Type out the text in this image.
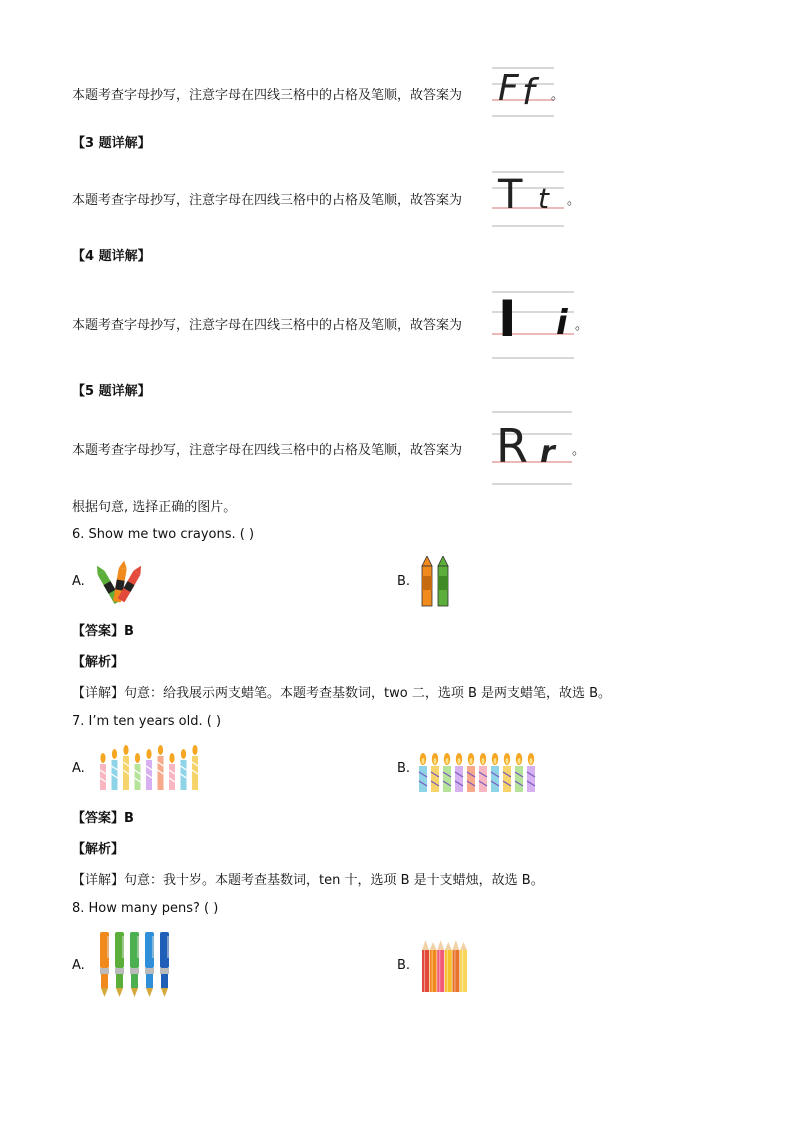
本题考查字母抄写，注意字母在四线三格中的占格及笔顺，故答案为 F f	。
【3 题详解】
本题考查字母抄写，注意字母在四线三格中的占格及笔顺，故答案为 T t 。
【4 题详解】
本题考查字母抄写，注意字母在四线三格中的占格及笔顺，故答案为 I i 。
【5 题详解】
本题考查字母抄写，注意字母在四线三格中的占格及笔顺，故答案为 R r 。
根据句意, 选择正确的图片。
6. Show me two crayons. ( )
A.	B.
【答案】B
【解析】
【详解】句意：给我展示两支蜡笔。本题考查基数词，two 二，选项 B 是两支蜡笔，故选 B。
7. I’m ten years old. ( )
A.	B.
【答案】B
【解析】
【详解】句意：我十岁。本题考查基数词，ten 十，选项 B 是十支蜡烛，故选 B。
8. How many pens? ( )
A.	B.
